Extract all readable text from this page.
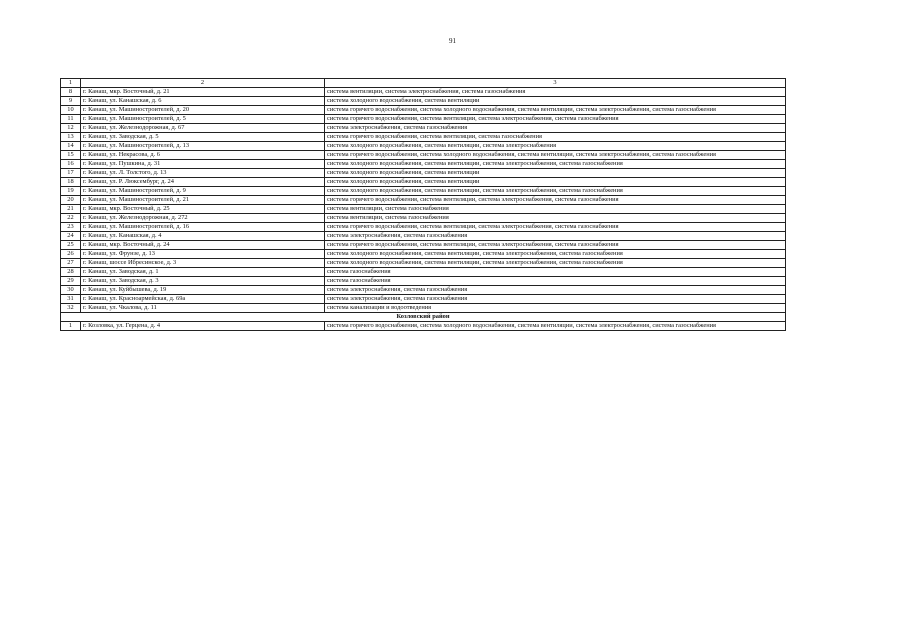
91
1	2	3
8	г. Канаш, мкр. Восточный, д. 21	система вентиляции, система электроснабжения, система газоснабжения
9	г. Канаш, ул. Канашская, д. 6	система холодного водоснабжения, система вентиляции
10	г. Канаш, ул. Машиностроителей, д. 20	система горячего водоснабжения, система холодного водоснабжения, система вентиляции, система электроснабжения, система газоснабжения
11	г. Канаш, ул. Машиностроителей, д. 5	система горячего водоснабжения, система вентиляции, система электроснабжения, система газоснабжения
12	г. Канаш, ул. Железнодорожная, д. 67	система электроснабжения, система газоснабжения
13	г. Канаш, ул. Заводская, д. 5	система горячего водоснабжения, система вентиляции, система газоснабжения
14	г. Канаш, ул. Машиностроителей, д. 13	система холодного водоснабжения, система вентиляции, система электроснабжения
15	г. Канаш, ул. Некрасова, д. 6	система горячего водоснабжения, система холодного водоснабжения, система вентиляции, система электроснабжения, система газоснабжения
16	г. Канаш, ул. Пушкина, д. 31	система холодного водоснабжения, система вентиляции, система электроснабжения, система газоснабжения
17	г. Канаш, ул. Л. Толстого, д. 13	система холодного водоснабжения, система вентиляции
18	г. Канаш, ул. Р. Люксембург, д. 24	система холодного водоснабжения, система вентиляции
19	г. Канаш, ул. Машиностроителей, д. 9	система холодного водоснабжения, система вентиляции, система электроснабжения, система газоснабжения
20	г. Канаш, ул. Машиностроителей, д. 21	система горячего водоснабжения, система вентиляции, система электроснабжения, система газоснабжения
21	г. Канаш, мкр. Восточный, д. 25	система вентиляции, система газоснабжения
22	г. Канаш, ул. Железнодорожная, д. 272	система вентиляции, система газоснабжения
23	г. Канаш, ул. Машиностроителей, д. 16	система горячего водоснабжения, система вентиляции, система электроснабжения, система газоснабжения
24	г. Канаш, ул. Канашская, д. 4	система электроснабжения, система газоснабжения
25	г. Канаш, мкр. Восточный, д. 24	система горячего водоснабжения, система вентиляции, система электроснабжения, система газоснабжения
26	г. Канаш, ул. Фрунзе, д. 13	система холодного водоснабжения, система вентиляции, система электроснабжения, система газоснабжения
27	г. Канаш, шоссе Ибресинское, д. 3	система холодного водоснабжения, система вентиляции, система электроснабжения, система газоснабжения
28	г. Канаш, ул. Заводская, д. 1	система газоснабжения
29	г. Канаш, ул. Заводская, д. 3	система газоснабжения
30	г. Канаш, ул. Куйбышева, д. 19	система электроснабжения, система газоснабжения
31	г. Канаш, ул. Красноармейская, д. 69а	система электроснабжения, система газоснабжения
32	г. Канаш, ул. Чкалова, д. 11	система канализации и водоотведения
Козловский район		
1	г. Козловка, ул. Герцена, д. 4	система горячего водоснабжения, система холодного водоснабжения, система вентиляции, система электроснабжения, система газоснабжения
